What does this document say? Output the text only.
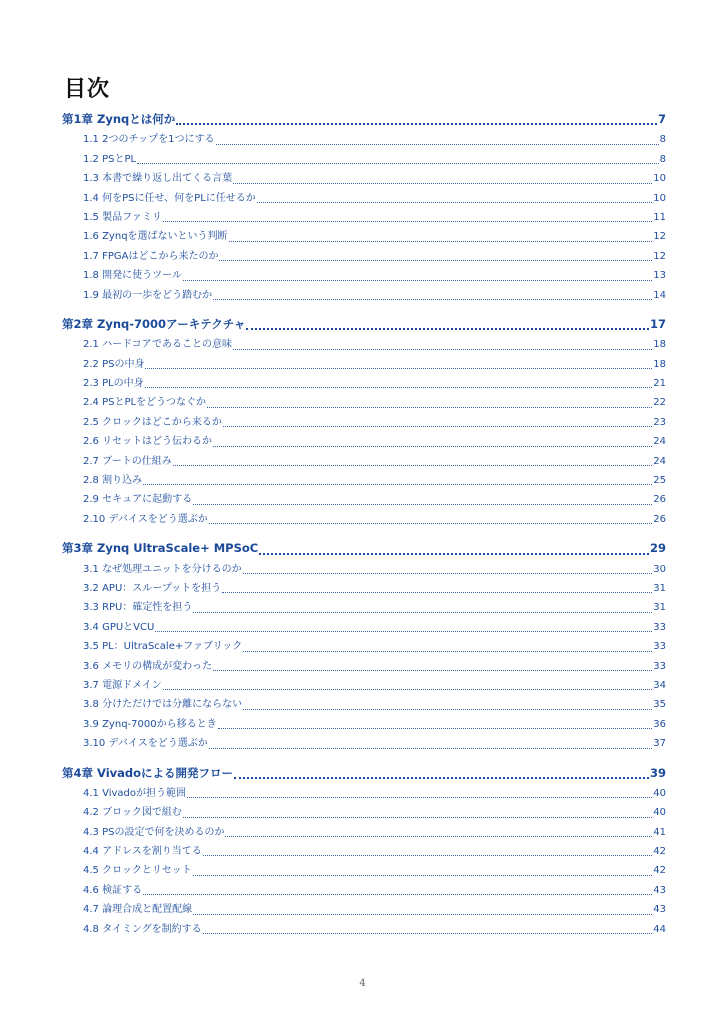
目次
第1章 Zynqとは何か	7
1.1 2つのチップを1つにする	8
1.2 PSとPL	8
1.3 本書で繰り返し出てくる言葉	10
1.4 何をPSに任せ、何をPLに任せるか	10
1.5 製品ファミリ	11
1.6 Zynqを選ばないという判断	12
1.7 FPGAはどこから来たのか	12
1.8 開発に使うツール	13
1.9 最初の一歩をどう踏むか	14
第2章 Zynq-7000アーキテクチャ	17
2.1 ハードコアであることの意味	18
2.2 PSの中身	18
2.3 PLの中身	21
2.4 PSとPLをどうつなぐか	22
2.5 クロックはどこから来るか	23
2.6 リセットはどう伝わるか	24
2.7 ブートの仕組み	24
2.8 割り込み	25
2.9 セキュアに起動する	26
2.10 デバイスをどう選ぶか	26
第3章 Zynq UltraScale+ MPSoC	29
3.1 なぜ処理ユニットを分けるのか	30
3.2 APU：スループットを担う	31
3.3 RPU：確定性を担う	31
3.4 GPUとVCU	33
3.5 PL：UltraScale+ファブリック	33
3.6 メモリの構成が変わった	33
3.7 電源ドメイン	34
3.8 分けただけでは分離にならない	35
3.9 Zynq-7000から移るとき	36
3.10 デバイスをどう選ぶか	37
第4章 Vivadoによる開発フロー	39
4.1 Vivadoが担う範囲	40
4.2 ブロック図で組む	40
4.3 PSの設定で何を決めるのか	41
4.4 アドレスを割り当てる	42
4.5 クロックとリセット	42
4.6 検証する	43
4.7 論理合成と配置配線	43
4.8 タイミングを制約する	44
4
